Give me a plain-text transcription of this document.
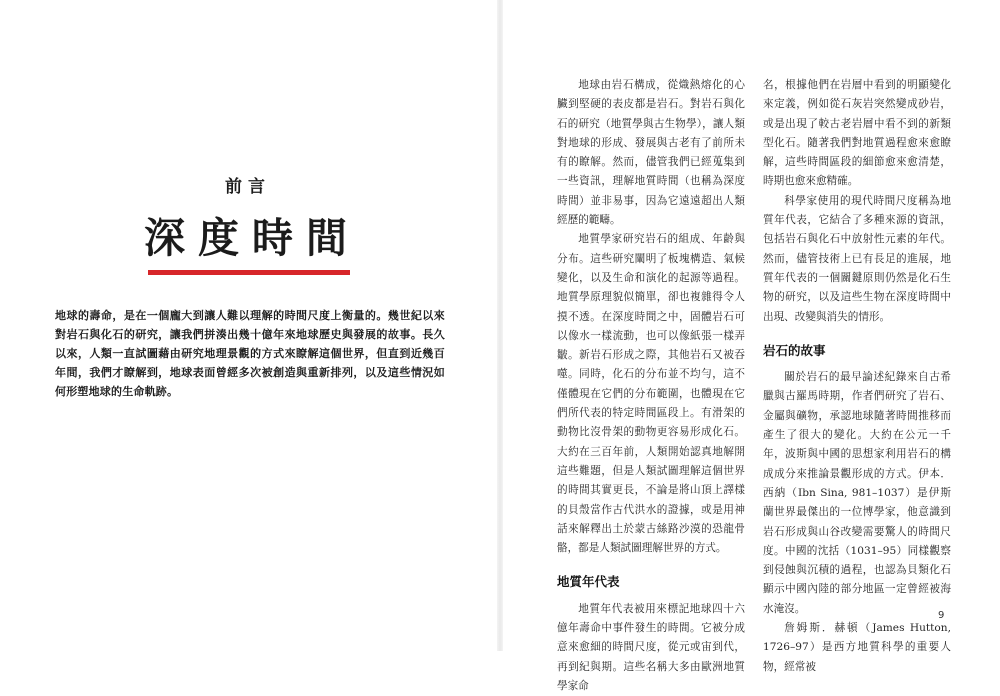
前言
深度時間
地球的壽命，是在一個龐大到讓人難以理解的時間尺度上衡量的。幾世紀以來對岩石與化石的研究，讓我們拼湊出幾十億年來地球歷史與發展的故事。長久以來，人類一直試圖藉由研究地理景觀的方式來瞭解這個世界，但直到近幾百年間，我們才瞭解到，地球表面曾經多次被創造與重新排列，以及這些情況如何形塑地球的生命軌跡。

地球由岩石構成，從熾熱熔化的心臟到堅硬的表皮都是岩石。對岩石與化石的研究（地質學與古生物學），讓人類對地球的形成、發展與古老有了前所未有的瞭解。然而，儘管我們已經蒐集到一些資訊，理解地質時間（也稱為深度時間）並非易事，因為它遠遠超出人類經歷的範疇。

地質學家研究岩石的組成、年齡與分布。這些研究闡明了板塊構造、氣候變化，以及生命和演化的起源等過程。地質學原理貌似簡單，卻也複雜得令人摸不透。在深度時間之中，固體岩石可以像水一樣流動，也可以像紙張一樣弄皺。新岩石形成之際，其他岩石又被吞噬。同時，化石的分布並不均勻，這不僅體現在它們的分布範圍，也體現在它們所代表的特定時間區段上。有滑架的動物比沒骨架的動物更容易形成化石。大約在三百年前，人類開始認真地解開這些難題，但是人類試圖理解這個世界的時間其實更長，不論是將山頂上譯樣的貝殼當作古代洪水的證據，或是用神話來解釋出土於蒙古絲路沙漠的恐龍骨骼，都是人類試圖理解世界的方式。

地質年代表

地質年代表被用來標記地球四十六億年壽命中事件發生的時間。它被分成意來愈細的時間尺度，從元或宙到代，再到紀與期。這些名稱大多由歐洲地質學家命

名，根據他們在岩層中看到的明顯變化來定義，例如從石灰岩突然變成砂岩，或是出現了較古老岩層中看不到的新類型化石。隨著我們對地質過程愈來愈瞭解，這些時間區段的細節愈來愈清楚，時期也愈來愈精確。

科學家使用的現代時間尺度稱為地質年代表，它結合了多種來源的資訊，包括岩石與化石中放射性元素的年代。然而，儘管技術上已有長足的進展，地質年代表的一個關鍵原則仍然是化石生物的研究，以及這些生物在深度時間中出現、改變與消失的情形。

岩石的故事

關於岩石的最早論述紀錄來自古希臘與古羅馬時期，作者們研究了岩石、金屬與礦物，承認地球隨著時間推移而產生了很大的變化。大約在公元一千年，波斯與中國的思想家利用岩石的構成成分來推論景觀形成的方式。伊本．西納（Ibn Sina, 981–1037）是伊斯蘭世界最傑出的一位博學家，他意識到岩石形成與山谷改變需要驚人的時間尺度。中國的沈括（1031–95）同樣觀察到侵蝕與沉積的過程，也認為貝類化石顯示中國內陸的部分地區一定曾經被海水淹沒。

詹姆斯．赫頓（James Hutton, 1726–97）是西方地質科學的重要人物，經常被

9
